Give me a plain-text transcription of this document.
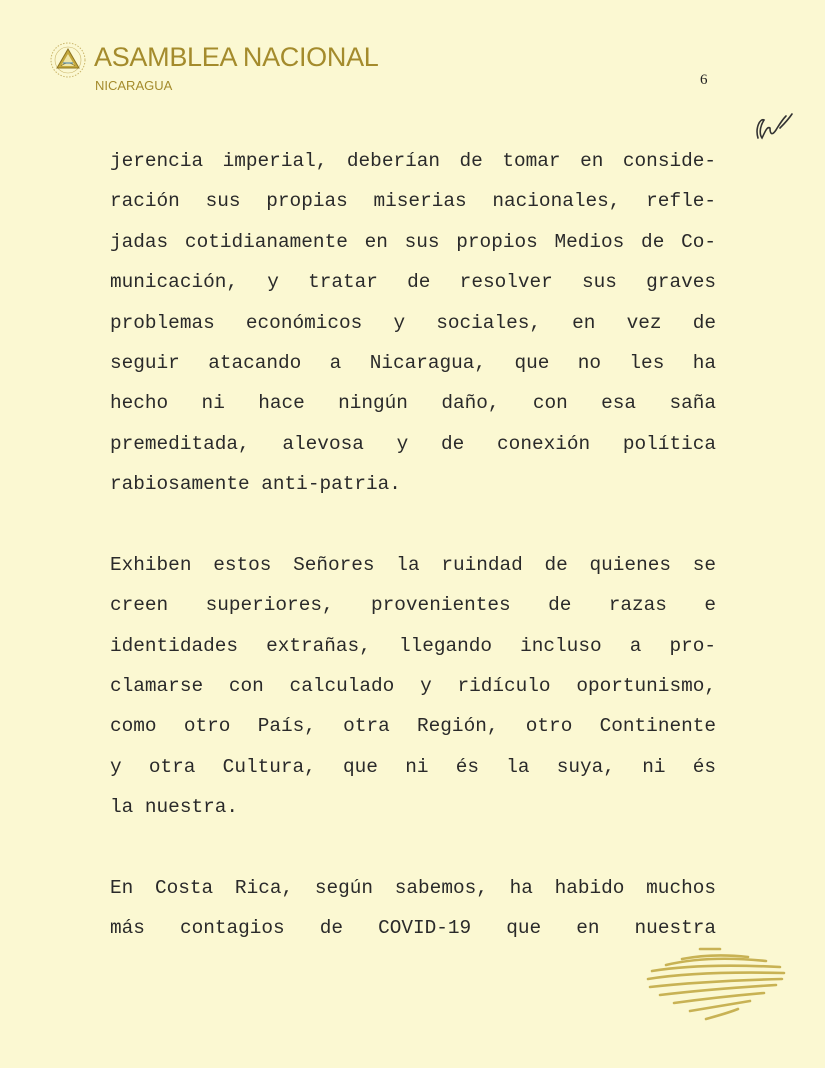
ASAMBLEA NACIONAL
NICARAGUA	6
jerencia imperial, deberían de tomar en conside-
ración sus propias miserias nacionales, refle-
jadas cotidianamente en sus propios Medios de Co-
municación, y tratar de resolver sus graves
problemas económicos y sociales, en vez de
seguir atacando a Nicaragua, que no les ha
hecho ni hace ningún daño, con esa saña
premeditada, alevosa y de conexión política
rabiosamente anti-patria.
Exhiben estos Señores la ruindad de quienes se
creen superiores, provenientes de razas e
identidades extrañas, llegando incluso a pro-
clamarse con calculado y ridículo oportunismo,
como otro País, otra Región, otro Continente
y otra Cultura, que ni és la suya, ni és
la nuestra.
En Costa Rica, según sabemos, ha habido muchos
más contagios de COVID-19 que en nuestra
